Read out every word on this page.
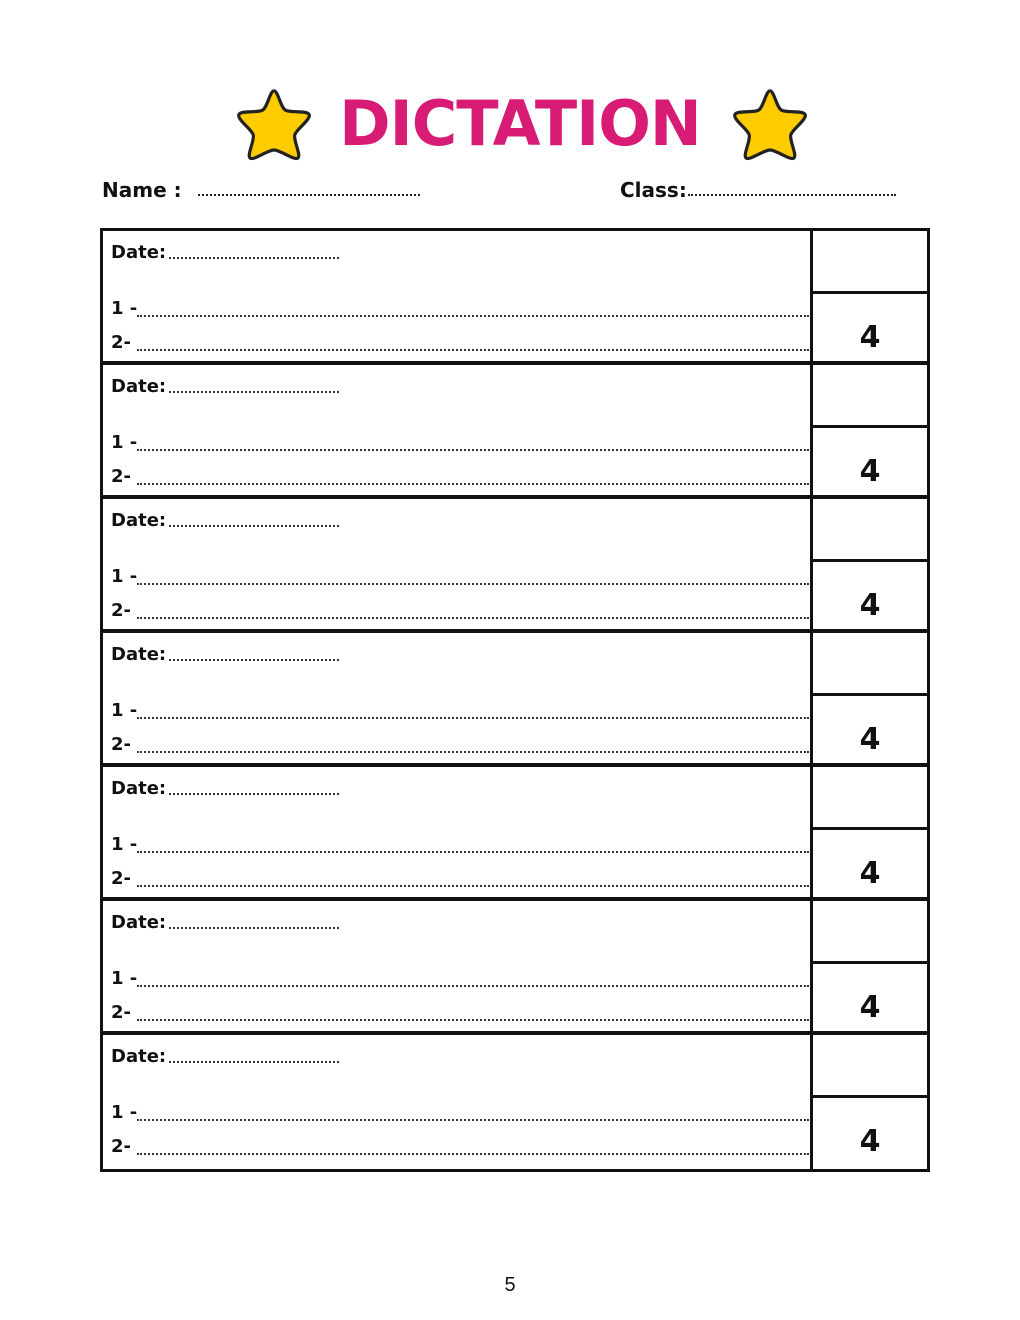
DICTATION
Name :	Class:
Date:
1 -
2-	4
Date:
1 -
2-	4
Date:
1 -
2-	4
Date:
1 -
2-	4
Date:
1 -
2-	4
Date:
1 -
2-	4
Date:
1 -
2-	4
5
